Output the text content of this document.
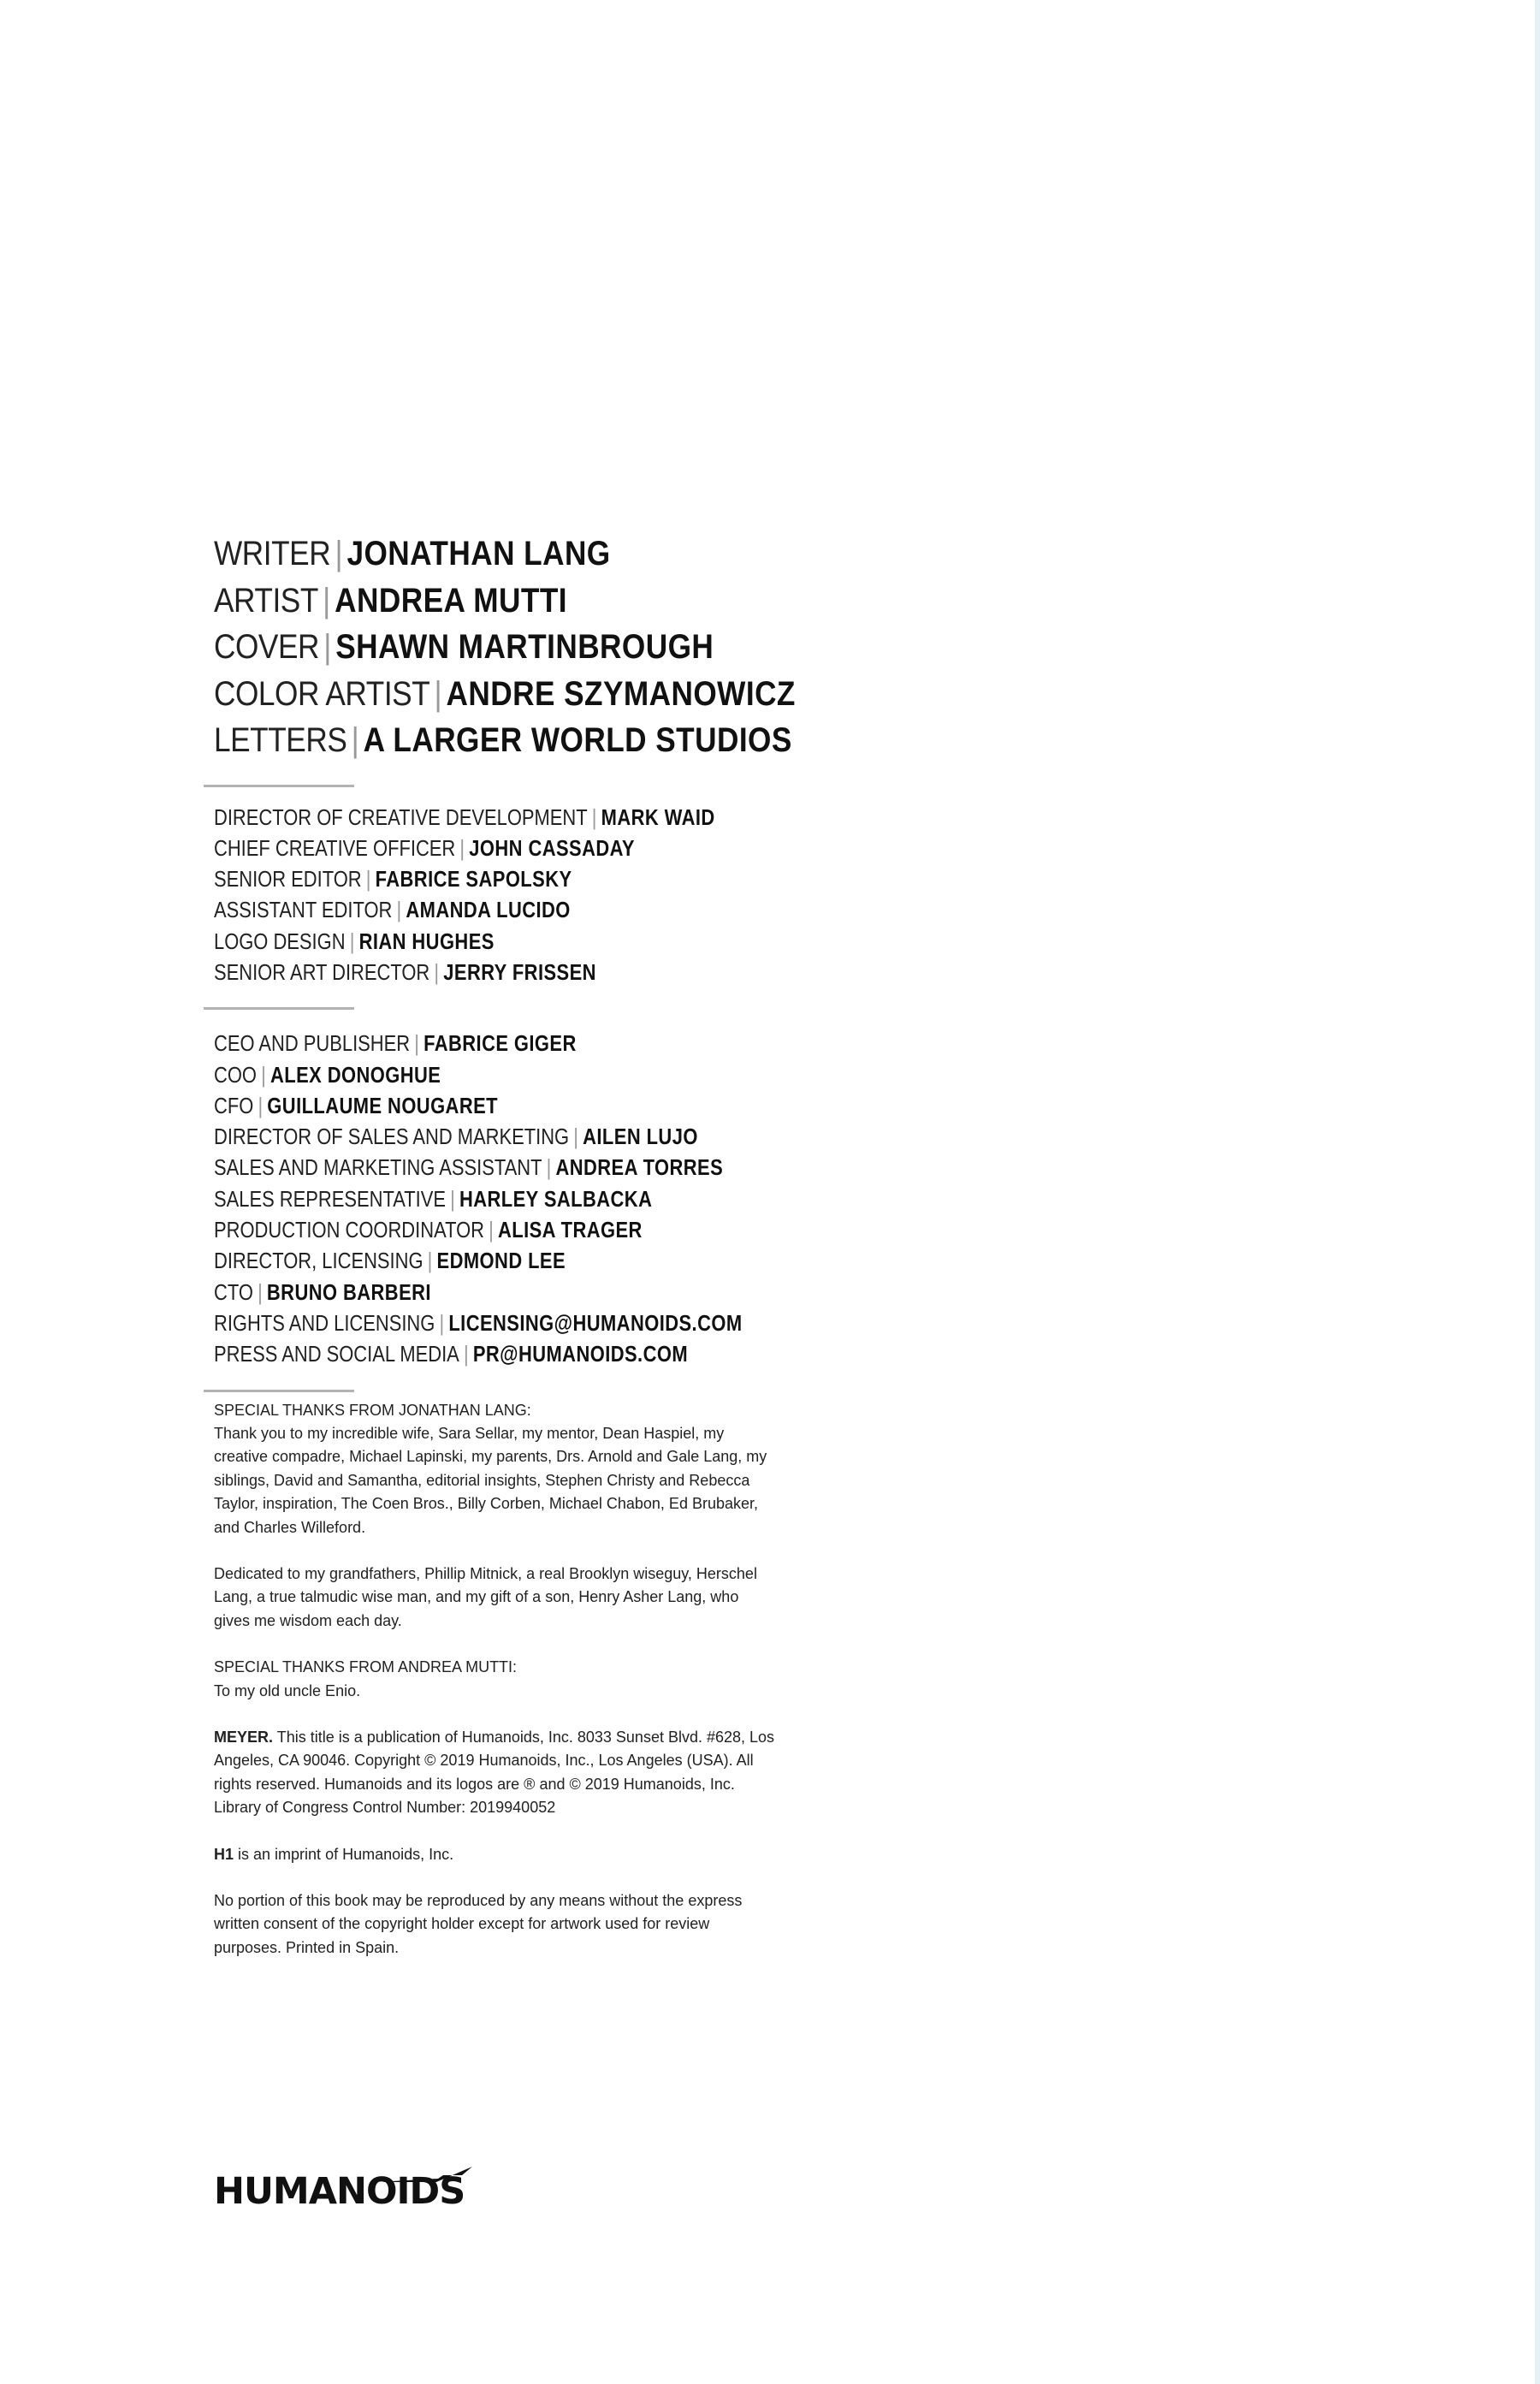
WRITER | JONATHAN LANG
ARTIST | ANDREA MUTTI
COVER | SHAWN MARTINBROUGH
COLOR ARTIST | ANDRE SZYMANOWICZ
LETTERS | A LARGER WORLD STUDIOS
DIRECTOR OF CREATIVE DEVELOPMENT | MARK WAID
CHIEF CREATIVE OFFICER | JOHN CASSADAY
SENIOR EDITOR | FABRICE SAPOLSKY
ASSISTANT EDITOR | AMANDA LUCIDO
LOGO DESIGN | RIAN HUGHES
SENIOR ART DIRECTOR | JERRY FRISSEN
CEO AND PUBLISHER | FABRICE GIGER
COO | ALEX DONOGHUE
CFO | GUILLAUME NOUGARET
DIRECTOR OF SALES AND MARKETING | AILEN LUJO
SALES AND MARKETING ASSISTANT | ANDREA TORRES
SALES REPRESENTATIVE | HARLEY SALBACKA
PRODUCTION COORDINATOR | ALISA TRAGER
DIRECTOR, LICENSING | EDMOND LEE
CTO | BRUNO BARBERI
RIGHTS AND LICENSING | LICENSING@HUMANOIDS.COM
PRESS AND SOCIAL MEDIA | PR@HUMANOIDS.COM

SPECIAL THANKS FROM JONATHAN LANG:
Thank you to my incredible wife, Sara Sellar, my mentor, Dean Haspiel, my creative compadre, Michael Lapinski, my parents, Drs. Arnold and Gale Lang, my siblings, David and Samantha, editorial insights, Stephen Christy and Rebecca Taylor, inspiration, The Coen Bros., Billy Corben, Michael Chabon, Ed Brubaker, and Charles Willeford.

Dedicated to my grandfathers, Phillip Mitnick, a real Brooklyn wiseguy, Herschel Lang, a true talmudic wise man, and my gift of a son, Henry Asher Lang, who gives me wisdom each day.

SPECIAL THANKS FROM ANDREA MUTTI:
To my old uncle Enio.

MEYER. This title is a publication of Humanoids, Inc. 8033 Sunset Blvd. #628, Los Angeles, CA 90046. Copyright © 2019 Humanoids, Inc., Los Angeles (USA). All rights reserved. Humanoids and its logos are ® and © 2019 Humanoids, Inc. Library of Congress Control Number: 2019940052

H1 is an imprint of Humanoids, Inc.

No portion of this book may be reproduced by any means without the express written consent of the copyright holder except for artwork used for review purposes. Printed in Spain.

HUMANOIDS
